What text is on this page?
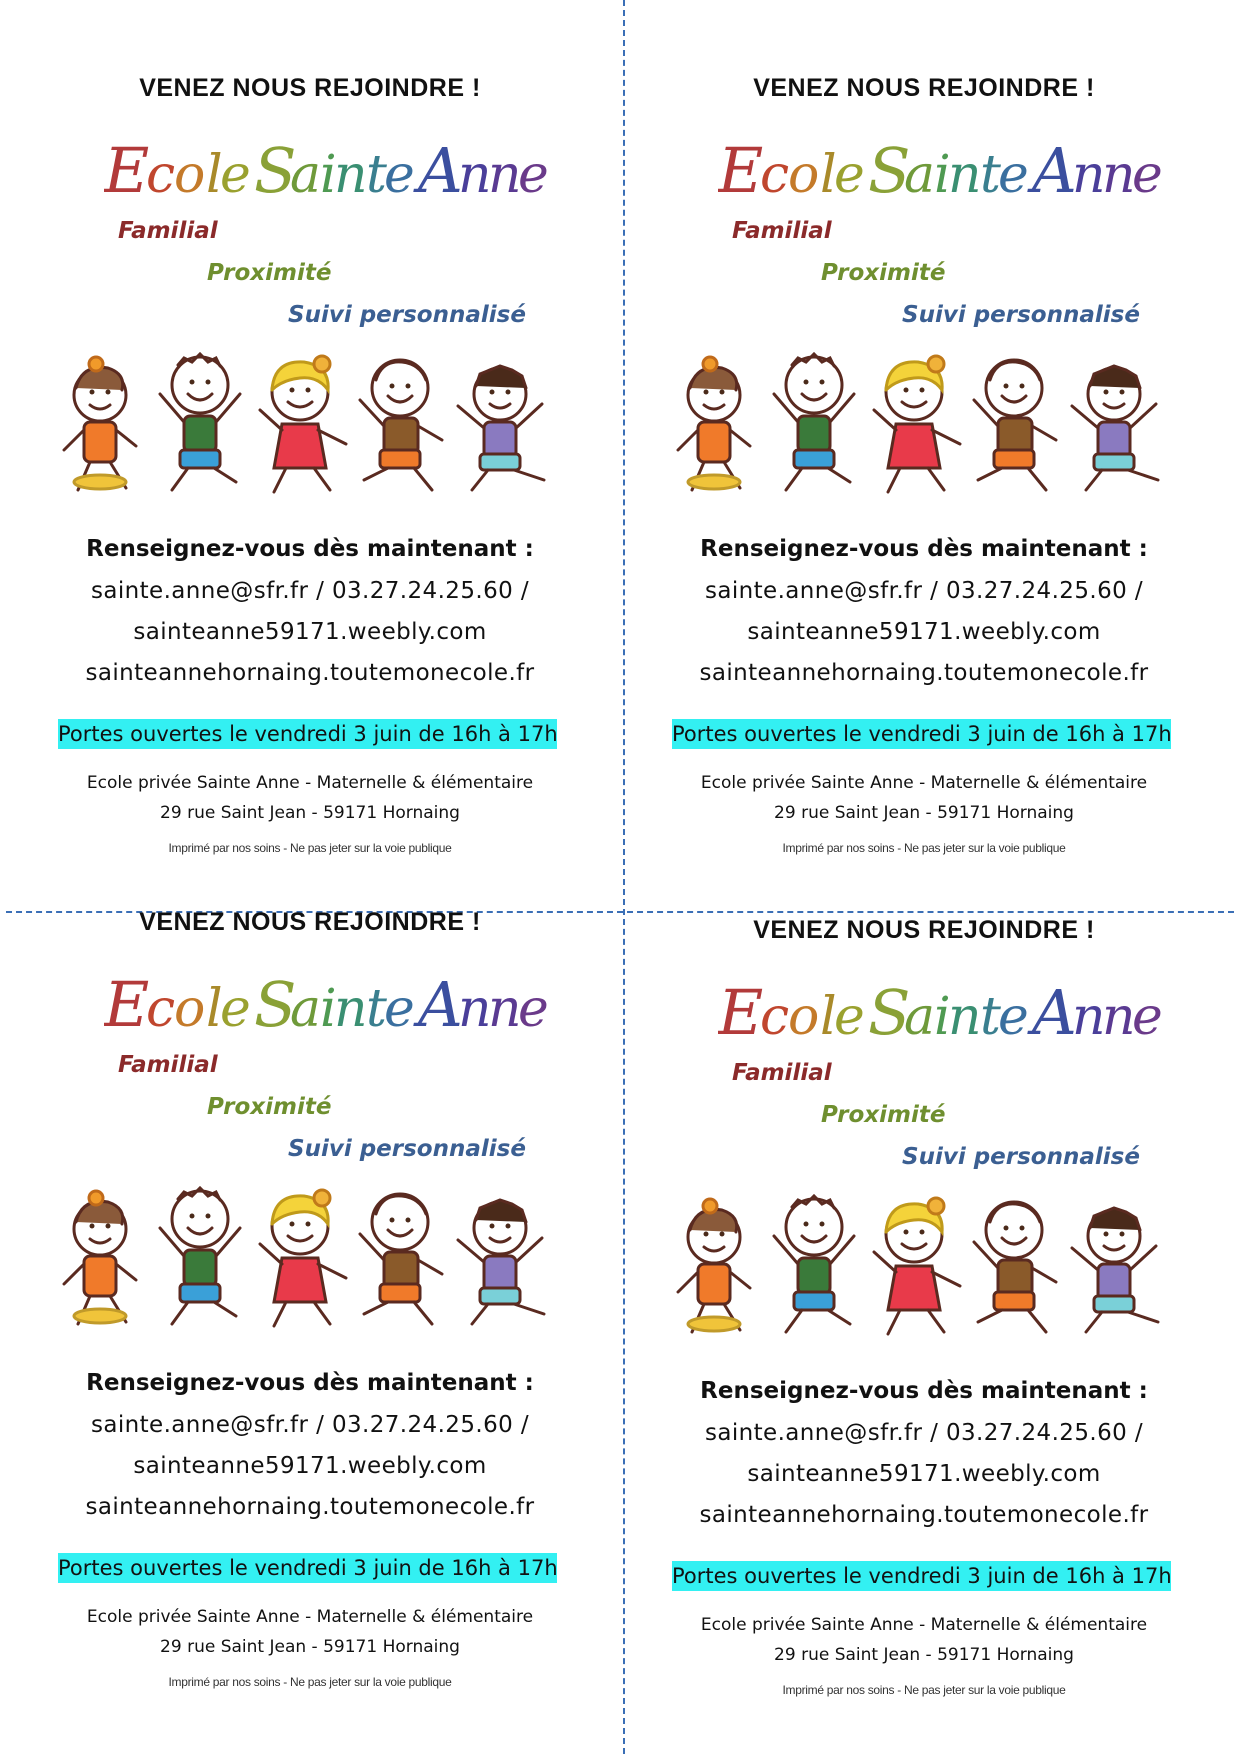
VENEZ NOUS REJOINDRE !
E
c
o l
e S
a
i
n
t
e A
n
n
e
Familial
Proximité
Suivi personnalisé
Renseignez-vous dès maintenant :
sainte.anne@sfr.fr / 03.27.24.25.60 /
sainteanne59171.weebly.com
sainteannehornaing.toutemonecole.fr
Portes ouvertes le vendredi 3 juin de 16h à 17h
Ecole privée Sainte Anne - Maternelle & élémentaire
29 rue Saint Jean - 59171 Hornaing
Imprimé par nos soins - Ne pas jeter sur la voie publique
VENEZ NOUS REJOINDRE !
E
c
o l
e S
a
i
n
t
e A
n
n
e
Familial
Proximité
Suivi personnalisé
Renseignez-vous dès maintenant :
sainte.anne@sfr.fr / 03.27.24.25.60 /
sainteanne59171.weebly.com
sainteannehornaing.toutemonecole.fr
Portes ouvertes le vendredi 3 juin de 16h à 17h
Ecole privée Sainte Anne - Maternelle & élémentaire
29 rue Saint Jean - 59171 Hornaing
Imprimé par nos soins - Ne pas jeter sur la voie publique
VENEZ NOUS REJOINDRE !
E
c
o l
e S
a
i
n
t
e A
n
n
e
Familial
Proximité
Suivi personnalisé
Renseignez-vous dès maintenant :
sainte.anne@sfr.fr / 03.27.24.25.60 /
sainteanne59171.weebly.com
sainteannehornaing.toutemonecole.fr
Portes ouvertes le vendredi 3 juin de 16h à 17h
Ecole privée Sainte Anne - Maternelle & élémentaire
29 rue Saint Jean - 59171 Hornaing
Imprimé par nos soins - Ne pas jeter sur la voie publique
VENEZ NOUS REJOINDRE !
E
c
o l
e S
a
i
n
t
e A
n
n
e
Familial
Proximité
Suivi personnalisé
Renseignez-vous dès maintenant :
sainte.anne@sfr.fr / 03.27.24.25.60 /
sainteanne59171.weebly.com
sainteannehornaing.toutemonecole.fr
Portes ouvertes le vendredi 3 juin de 16h à 17h
Ecole privée Sainte Anne - Maternelle & élémentaire
29 rue Saint Jean - 59171 Hornaing
Imprimé par nos soins - Ne pas jeter sur la voie publique
